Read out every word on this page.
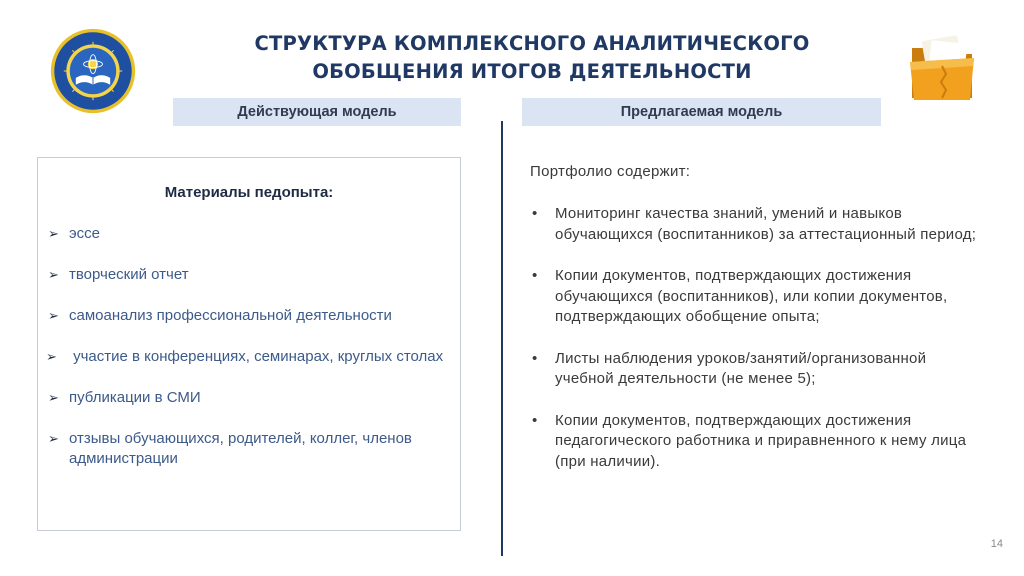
СТРУКТУРА КОМПЛЕКСНОГО АНАЛИТИЧЕСКОГО
ОБОБЩЕНИЯ ИТОГОВ ДЕЯТЕЛЬНОСТИ
Действующая модель	Предлагаемая модель
Материалы педопыта:
➢ эссе
➢ творческий отчет
➢ самоанализ профессиональной деятельности
➢ участие в конференциях, семинарах, круглых столах
➢ публикации в СМИ
➢ отзывы обучающихся, родителей, коллег, членов администрации
Портфолио содержит:
• Мониторинг качества знаний, умений и навыков обучающихся (воспитанников) за аттестационный период;
• Копии документов, подтверждающих достижения обучающихся (воспитанников), или копии документов, подтверждающих обобщение опыта;
• Листы наблюдения уроков/занятий/организованной учебной деятельности (не менее 5);
• Копии документов, подтверждающих достижения педагогического работника и приравненного к нему лица (при наличии).
14
